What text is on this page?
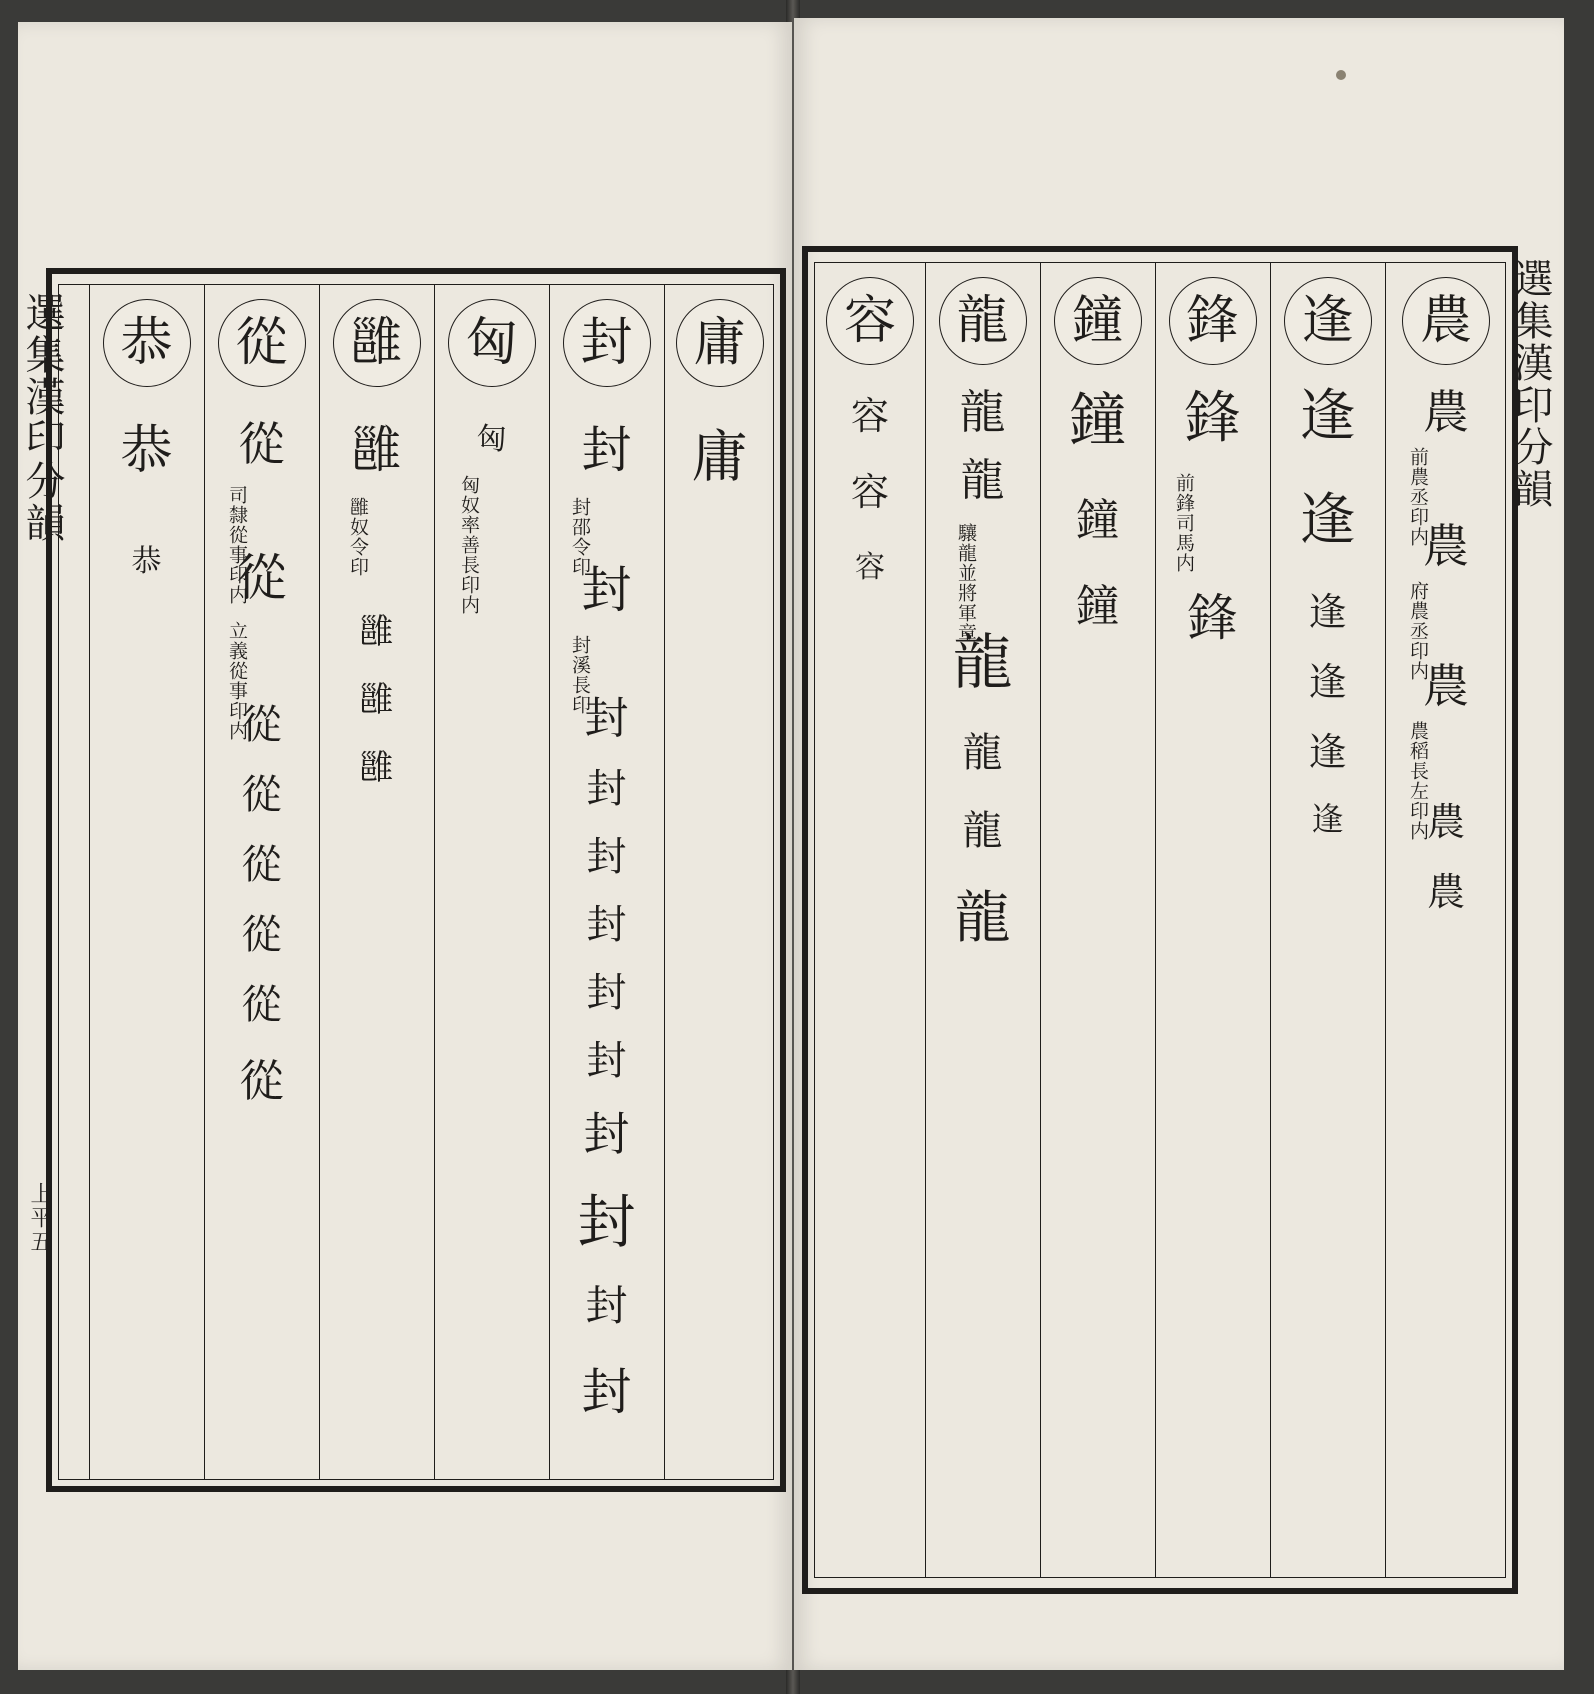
選集漢印分韻
上平五
庸
庸
封
封
封邵令印
封
封溪長印
封
封
封
封
封
封
封
封
封
封
匈
匈
匈奴率善長印内
雝
雝
雝奴令印
雝
雝
雝
從
從
司隸從事印内
從
立義從事印内
從
從
從
從
從
從
恭
恭
恭
選集漢印分韻
農
農
前農丞印内
農
府農丞印内
農
農稻長左印内
農
農
逢
逢
逢
逢
逢
逢
逢
鋒
鋒
前鋒司馬内
鋒
鐘
鐘
鐘
鐘
龍
龍
龍
驤龍並將軍章
龍
龍
龍
龍
容
容
容
容
